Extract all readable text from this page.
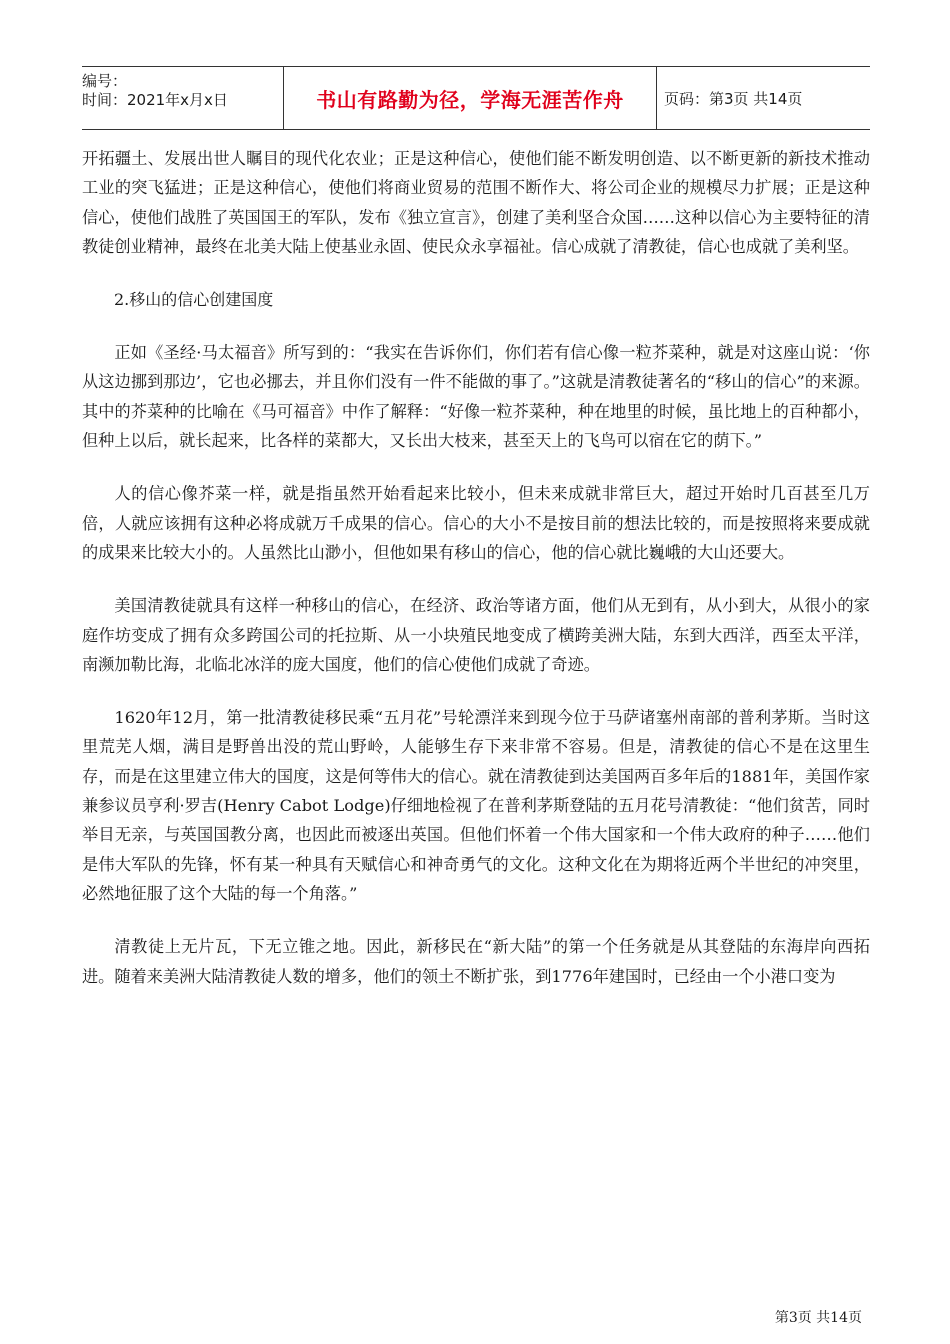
编号：
时间：2021年x月x日	书山有路勤为径，学海无涯苦作舟	页码：第3页 共14页

开拓疆土、发展出世人瞩目的现代化农业；正是这种信心，使他们能不断发明创造、以不断更新的新技术推动工业的突飞猛进；正是这种信心，使他们将商业贸易的范围不断作大、将公司企业的规模尽力扩展；正是这种信心，使他们战胜了英国国王的军队，发布《独立宣言》，创建了美利坚合众国……这种以信心为主要特征的清教徒创业精神，最终在北美大陆上使基业永固、使民众永享福祉。信心成就了清教徒，信心也成就了美利坚。

2.移山的信心创建国度

正如《圣经·马太福音》所写到的：“我实在告诉你们，你们若有信心像一粒芥菜种，就是对这座山说：‘你从这边挪到那边’，它也必挪去，并且你们没有一件不能做的事了。”这就是清教徒著名的“移山的信心”的来源。其中的芥菜种的比喻在《马可福音》中作了解释：“好像一粒芥菜种，种在地里的时候，虽比地上的百种都小，但种上以后，就长起来，比各样的菜都大，又长出大枝来，甚至天上的飞鸟可以宿在它的荫下。”

人的信心像芥菜一样，就是指虽然开始看起来比较小，但未来成就非常巨大，超过开始时几百甚至几万倍，人就应该拥有这种必将成就万千成果的信心。信心的大小不是按目前的想法比较的，而是按照将来要成就的成果来比较大小的。人虽然比山渺小，但他如果有移山的信心，他的信心就比巍峨的大山还要大。

美国清教徒就具有这样一种移山的信心，在经济、政治等诸方面，他们从无到有，从小到大，从很小的家庭作坊变成了拥有众多跨国公司的托拉斯、从一小块殖民地变成了横跨美洲大陆，东到大西洋，西至太平洋，南濒加勒比海，北临北冰洋的庞大国度，他们的信心使他们成就了奇迹。

1620年12月，第一批清教徒移民乘“五月花”号轮漂洋来到现今位于马萨诸塞州南部的普利茅斯。当时这里荒芜人烟，满目是野兽出没的荒山野岭，人能够生存下来非常不容易。但是，清教徒的信心不是在这里生存，而是在这里建立伟大的国度，这是何等伟大的信心。就在清教徒到达美国两百多年后的1881年，美国作家兼参议员亨利·罗吉(Henry Cabot Lodge)仔细地检视了在普利茅斯登陆的五月花号清教徒：“他们贫苦，同时举目无亲，与英国国教分离，也因此而被逐出英国。但他们怀着一个伟大国家和一个伟大政府的种子……他们是伟大军队的先锋，怀有某一种具有天赋信心和神奇勇气的文化。这种文化在为期将近两个半世纪的冲突里，必然地征服了这个大陆的每一个角落。”

清教徒上无片瓦，下无立锥之地。因此，新移民在“新大陆”的第一个任务就是从其登陆的东海岸向西拓进。随着来美洲大陆清教徒人数的增多，他们的领土不断扩张，到1776年建国时，已经由一个小港口变为

第3页 共14页
